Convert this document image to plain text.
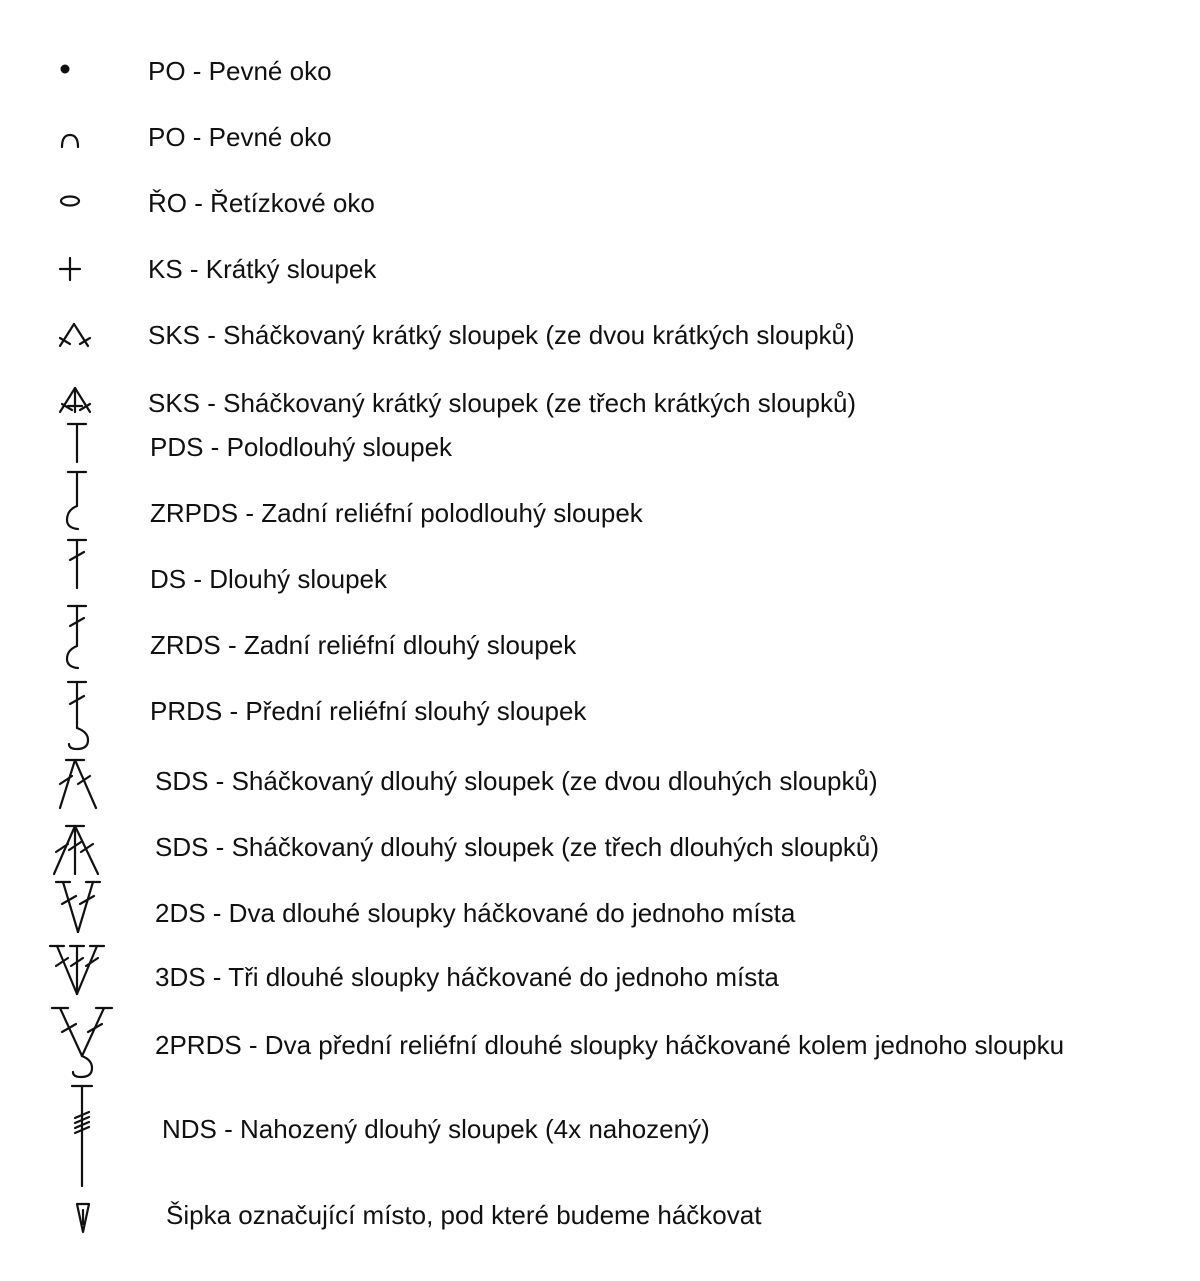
PO - Pevné oko
PO - Pevné oko
ŘO - Řetízkové oko
KS - Krátký sloupek
SKS - Sháčkovaný krátký sloupek (ze dvou krátkých sloupků)
SKS - Sháčkovaný krátký sloupek (ze třech krátkých sloupků)
PDS - Polodlouhý sloupek
ZRPDS - Zadní reliéfní polodlouhý sloupek
DS - Dlouhý sloupek
ZRDS - Zadní reliéfní dlouhý sloupek
PRDS - Přední reliéfní slouhý sloupek
SDS - Sháčkovaný dlouhý sloupek (ze dvou dlouhých sloupků)
SDS - Sháčkovaný dlouhý sloupek (ze třech dlouhých sloupků)
2DS - Dva dlouhé sloupky háčkované do jednoho místa
3DS - Tři dlouhé sloupky háčkované do jednoho místa
2PRDS - Dva přední reliéfní dlouhé sloupky háčkované kolem jednoho sloupku
NDS - Nahozený dlouhý sloupek (4x nahozený)
Šipka označující místo, pod které budeme háčkovat
